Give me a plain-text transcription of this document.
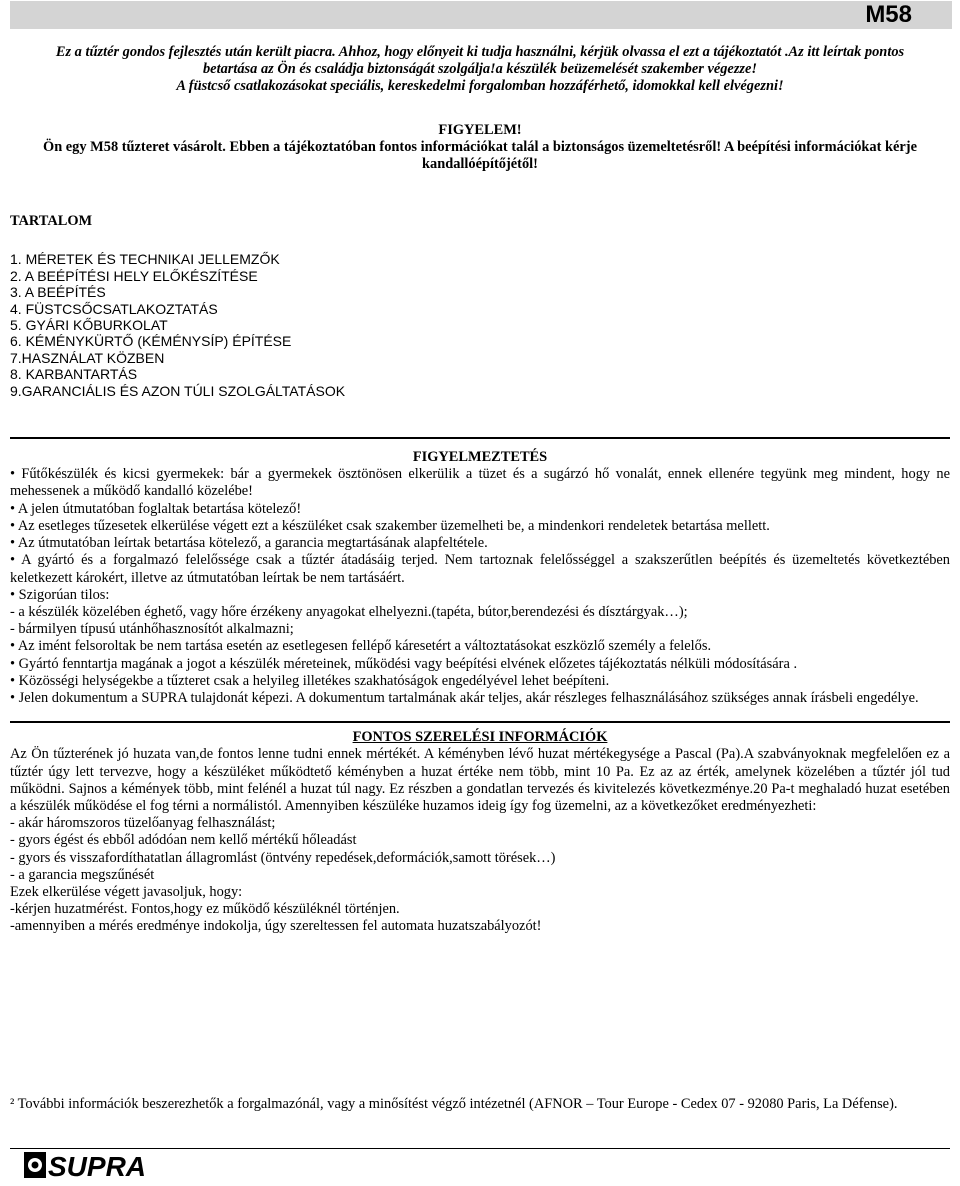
M58
Ez a tűztér gondos fejlesztés után került piacra. Ahhoz, hogy előnyeit ki tudja használni, kérjük olvassa el ezt a tájékoztatót .Az itt leírtak pontos
betartása az Ön és családja biztonságát szolgálja!a készülék beüzemelését szakember végezze!
A füstcső csatlakozásokat speciális, kereskedelmi forgalomban hozzáférhető, idomokkal kell elvégezni!
FIGYELEM!
Ön egy M58 tűzteret vásárolt. Ebben a tájékoztatóban fontos információkat talál a biztonságos üzemeltetésről! A beépítési információkat kérje kandallóépítőjétől!
TARTALOM
1. MÉRETEK ÉS TECHNIKAI JELLEMZŐK
2. A BEÉPÍTÉSI HELY ELŐKÉSZÍTÉSE
3. A BEÉPÍTÉS
4. FÜSTCSŐCSATLAKOZTATÁS
5. GYÁRI KŐBURKOLAT
6. KÉMÉNYKÜRTŐ (KÉMÉNYSÍP) ÉPÍTÉSE
7.HASZNÁLAT KÖZBEN
8. KARBANTARTÁS
9.GARANCIÁLIS ÉS AZON TÚLI SZOLGÁLTATÁSOK
FIGYELMEZTETÉS

• Fűtőkészülék és kicsi gyermekek: bár a gyermekek ösztönösen elkerülik a tüzet és a sugárzó hő vonalát, ennek ellenére tegyünk meg mindent, hogy ne mehessenek a működő kandalló közelébe!

• A jelen útmutatóban foglaltak betartása kötelező!

• Az esetleges tűzesetek elkerülése végett ezt a készüléket csak szakember üzemelheti be, a mindenkori rendeletek betartása mellett.

• Az útmutatóban leírtak betartása kötelező, a garancia megtartásának alapfeltétele.

• A gyártó és a forgalmazó felelőssége csak a tűztér átadásáig terjed. Nem tartoznak felelősséggel a szakszerűtlen beépítés és üzemeltetés következtében keletkezett károkért, illetve az útmutatóban leírtak be nem tartásáért.

• Szigorúan tilos:

- a készülék közelében éghető, vagy hőre érzékeny anyagokat elhelyezni.(tapéta, bútor,berendezési és dísztárgyak…);

- bármilyen típusú utánhőhasznosítót alkalmazni;

• Az imént felsoroltak be nem tartása esetén az esetlegesen fellépő káresetért a változtatásokat eszközlő személy a felelős.

• Gyártó fenntartja magának a jogot a készülék méreteinek, működési vagy beépítési elvének előzetes tájékoztatás nélküli módosítására .

• Közösségi helységekbe a tűzteret csak a helyileg illetékes szakhatóságok engedélyével lehet beépíteni.

• Jelen dokumentum a SUPRA tulajdonát képezi. A dokumentum tartalmának akár teljes, akár részleges felhasználásához szükséges annak írásbeli engedélye.

FONTOS SZERELÉSI INFORMÁCIÓK

Az Ön tűzterének jó huzata van,de fontos lenne tudni ennek mértékét. A kéményben lévő huzat mértékegysége a Pascal (Pa).A szabványoknak megfelelően ez a tűztér úgy lett tervezve, hogy a készüléket működtető kéményben a huzat értéke nem több, mint 10 Pa. Ez az az érték, amelynek közelében a tűztér jól tud működni. Sajnos a kémények több, mint felénél a huzat túl nagy. Ez részben a gondatlan tervezés és kivitelezés következménye.20 Pa-t meghaladó huzat esetében a készülék működése el fog térni a normálistól. Amennyiben készüléke huzamos ideig így fog üzemelni, az a következőket eredményezheti:

- akár háromszoros tüzelőanyag felhasználást;

- gyors égést és ebből adódóan nem kellő mértékű hőleadást

- gyors és visszafordíthatatlan állagromlást (öntvény repedések,deformációk,samott törések…)

- a garancia megszűnését

Ezek elkerülése végett javasoljuk, hogy:

-kérjen huzatmérést. Fontos,hogy ez működő készüléknél történjen.

-amennyiben a mérés eredménye indokolja, úgy szereltessen fel automata huzatszabályozót!

² További információk beszerezhetők a forgalmazónál, vagy a minősítést végző intézetnél (AFNOR – Tour Europe - Cedex 07 - 92080 Paris, La Défense).
SUPRA
